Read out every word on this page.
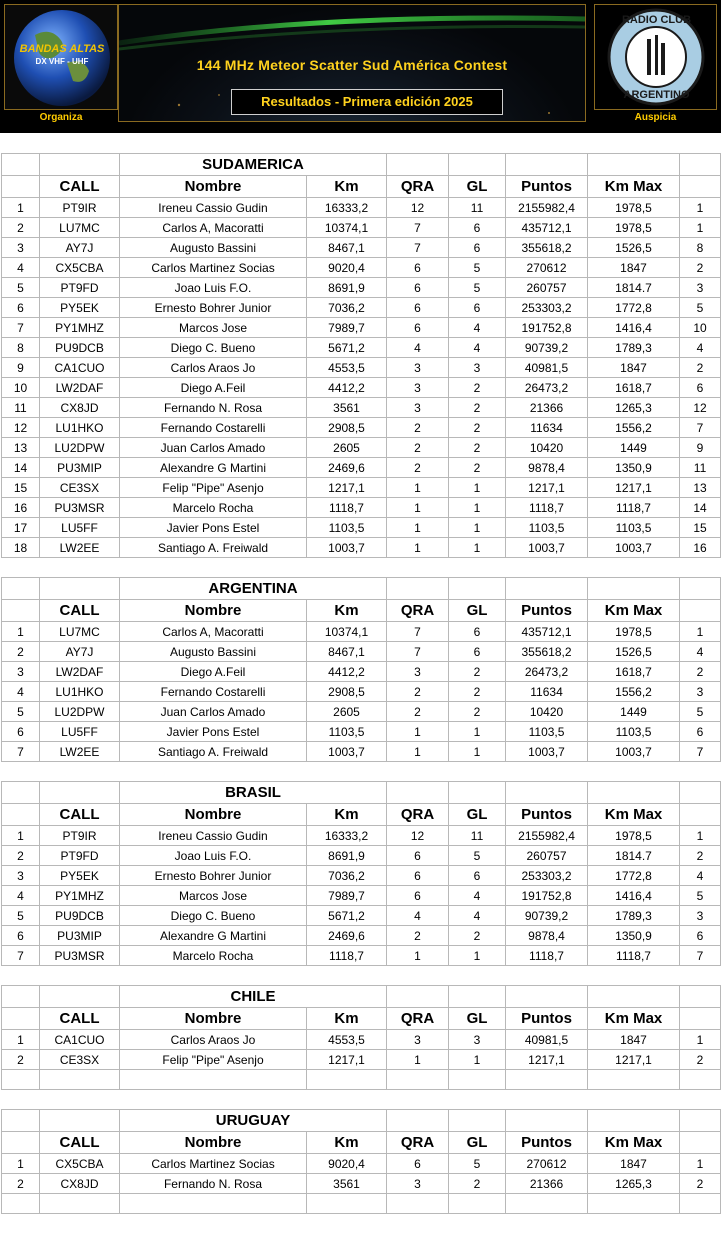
BANDAS ALTAS
DX VHF - UHF
Organiza
144 MHz Meteor Scatter Sud América Contest
Resultados - Primera edición 2025
RADIO CLUB
ARGENTINO
Auspicia
		SUDAMERICA						
	CALL	Nombre	Km	QRA	GL	Puntos	Km Max	
1	PT9IR	Ireneu Cassio Gudin	16333,2	12	11	2155982,4	1978,5	1
2	LU7MC	Carlos A, Macoratti	10374,1	7	6	435712,1	1978,5	1
3	AY7J	Augusto Bassini	8467,1	7	6	355618,2	1526,5	8
4	CX5CBA	Carlos Martinez Socias	9020,4	6	5	270612	1847	2
5	PT9FD	Joao Luis F.O.	8691,9	6	5	260757	1814.7	3
6	PY5EK	Ernesto Bohrer Junior	7036,2	6	6	253303,2	1772,8	5
7	PY1MHZ	Marcos Jose	7989,7	6	4	191752,8	1416,4	10
8	PU9DCB	Diego C. Bueno	5671,2	4	4	90739,2	1789,3	4
9	CA1CUO	Carlos Araos Jo	4553,5	3	3	40981,5	1847	2
10	LW2DAF	Diego A.Feil	4412,2	3	2	26473,2	1618,7	6
11	CX8JD	Fernando N. Rosa	3561	3	2	21366	1265,3	12
12	LU1HKO	Fernando Costarelli	2908,5	2	2	11634	1556,2	7
13	LU2DPW	Juan Carlos Amado	2605	2	2	10420	1449	9
14	PU3MIP	Alexandre G Martini	2469,6	2	2	9878,4	1350,9	11
15	CE3SX	Felip "Pipe" Asenjo	1217,1	1	1	1217,1	1217,1	13
16	PU3MSR	Marcelo Rocha	1118,7	1	1	1118,7	1118,7	14
17	LU5FF	Javier Pons Estel	1103,5	1	1	1103,5	1103,5	15
18	LW2EE	Santiago A. Freiwald	1003,7	1	1	1003,7	1003,7	16

		ARGENTINA						
	CALL	Nombre	Km	QRA	GL	Puntos	Km Max	
1	LU7MC	Carlos A, Macoratti	10374,1	7	6	435712,1	1978,5	1
2	AY7J	Augusto Bassini	8467,1	7	6	355618,2	1526,5	4
3	LW2DAF	Diego A.Feil	4412,2	3	2	26473,2	1618,7	2
4	LU1HKO	Fernando Costarelli	2908,5	2	2	11634	1556,2	3
5	LU2DPW	Juan Carlos Amado	2605	2	2	10420	1449	5
6	LU5FF	Javier Pons Estel	1103,5	1	1	1103,5	1103,5	6
7	LW2EE	Santiago A. Freiwald	1003,7	1	1	1003,7	1003,7	7

		BRASIL						
	CALL	Nombre	Km	QRA	GL	Puntos	Km Max	
1	PT9IR	Ireneu Cassio Gudin	16333,2	12	11	2155982,4	1978,5	1
2	PT9FD	Joao Luis F.O.	8691,9	6	5	260757	1814.7	2
3	PY5EK	Ernesto Bohrer Junior	7036,2	6	6	253303,2	1772,8	4
4	PY1MHZ	Marcos Jose	7989,7	6	4	191752,8	1416,4	5
5	PU9DCB	Diego C. Bueno	5671,2	4	4	90739,2	1789,3	3
6	PU3MIP	Alexandre G Martini	2469,6	2	2	9878,4	1350,9	6
7	PU3MSR	Marcelo Rocha	1118,7	1	1	1118,7	1118,7	7

		CHILE						
	CALL	Nombre	Km	QRA	GL	Puntos	Km Max	
1	CA1CUO	Carlos Araos Jo	4553,5	3	3	40981,5	1847	1
2	CE3SX	Felip "Pipe" Asenjo	1217,1	1	1	1217,1	1217,1	2

		URUGUAY						
	CALL	Nombre	Km	QRA	GL	Puntos	Km Max	
1	CX5CBA	Carlos Martinez Socias	9020,4	6	5	270612	1847	1
2	CX8JD	Fernando N. Rosa	3561	3	2	21366	1265,3	2
